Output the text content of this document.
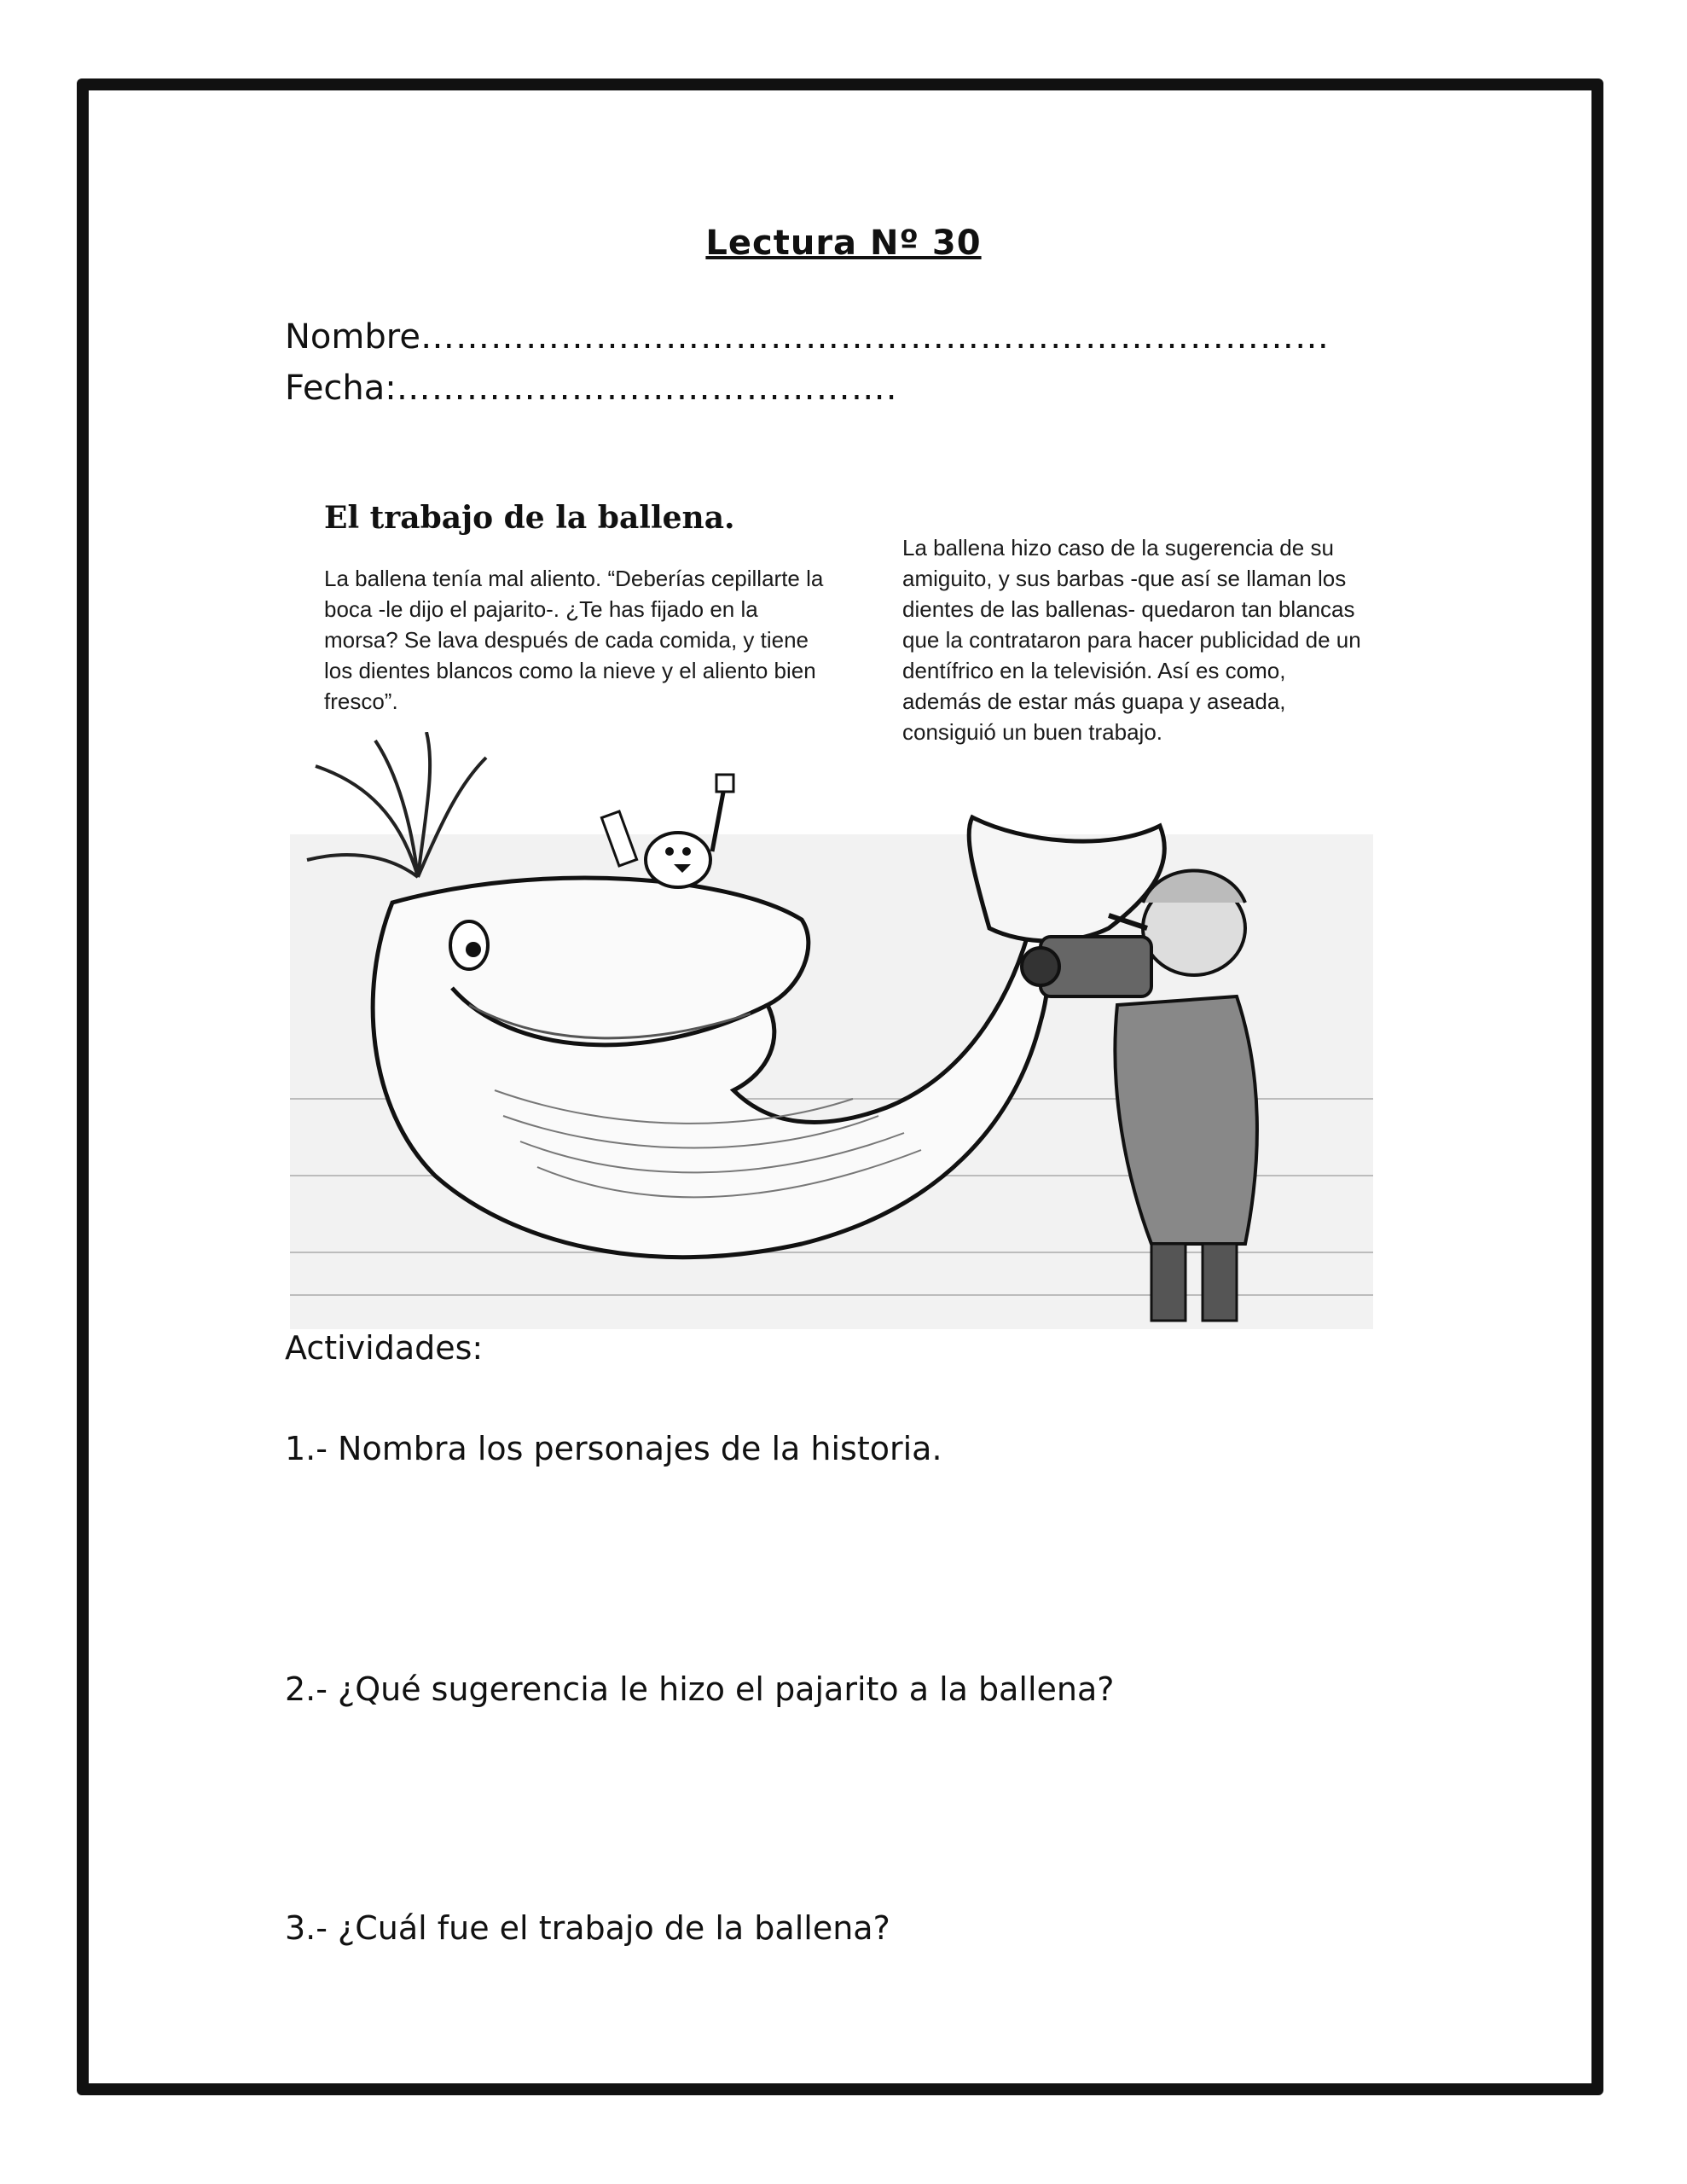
Lectura Nº 30
Nombre……………………………………………………………………
Fecha:…………………………………….
El trabajo de la ballena.
La ballena tenía mal aliento. “Deberías cepillarte la boca -le dijo el pajarito-. ¿Te has fijado en la morsa? Se lava después de cada comida, y tiene los dientes blancos como la nieve y el aliento bien fresco”.
La ballena hizo caso de la sugerencia de su amiguito, y sus barbas -que así se llaman los dientes de las ballenas- quedaron tan blancas que la contrataron para hacer publicidad de un dentífrico en la televisión. Así es como, además de estar más guapa y aseada, consiguió un buen trabajo.
Actividades:
1.- Nombra los personajes de la historia.
2.- ¿Qué sugerencia le hizo el pajarito a la ballena?
3.- ¿Cuál fue el trabajo de la ballena?
